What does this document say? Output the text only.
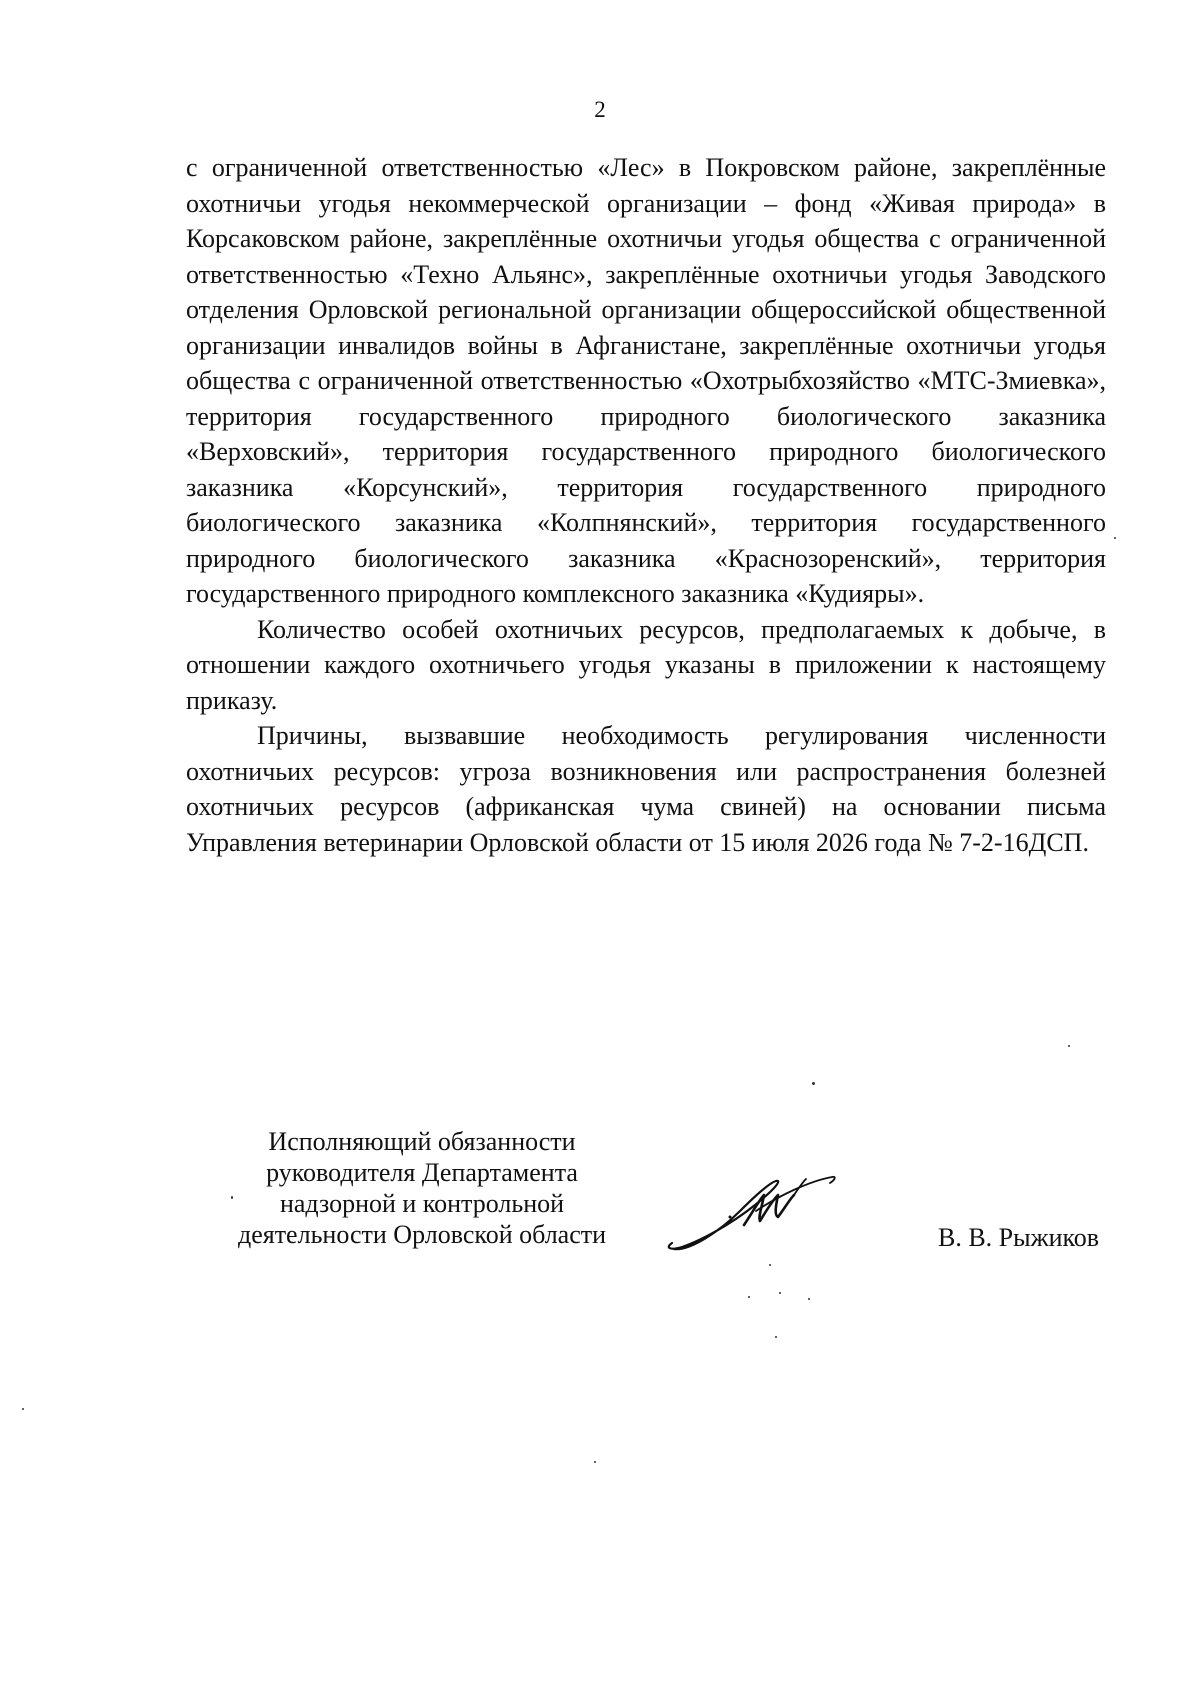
2

с ограниченной ответственностью «Лес» в Покровском районе, закреплённые охотничьи угодья некоммерческой организации – фонд «Живая природа» в Корсаковском районе, закреплённые охотничьи угодья общества с ограниченной ответственностью «Техно Альянс», закреплённые охотничьи угодья Заводского отделения Орловской региональной организации общероссийской общественной организации инвалидов войны в Афганистане, закреплённые охотничьи угодья общества с ограниченной ответственностью «Охотрыбхозяйство «МТС-Змиевка», территория государственного природного биологического заказника «Верховский», территория государственного природного биологического заказника «Корсунский», территория государственного природного биологического заказника «Колпнянский», территория государственного природного биологического заказника «Краснозоренский», территория государственного природного комплексного заказника «Кудияры».

Количество особей охотничьих ресурсов, предполагаемых к добыче, в отношении каждого охотничьего угодья указаны в приложении к настоящему приказу.

Причины, вызвавшие необходимость регулирования численности охотничьих ресурсов: угроза возникновения или распространения болезней охотничьих ресурсов (африканская чума свиней) на основании письма Управления ветеринарии Орловской области от 15 июля 2026 года № 7-2-16ДСП.

Исполняющий обязанности
руководителя Департамента
надзорной и контрольной
деятельности Орловской области	В. В. Рыжиков
